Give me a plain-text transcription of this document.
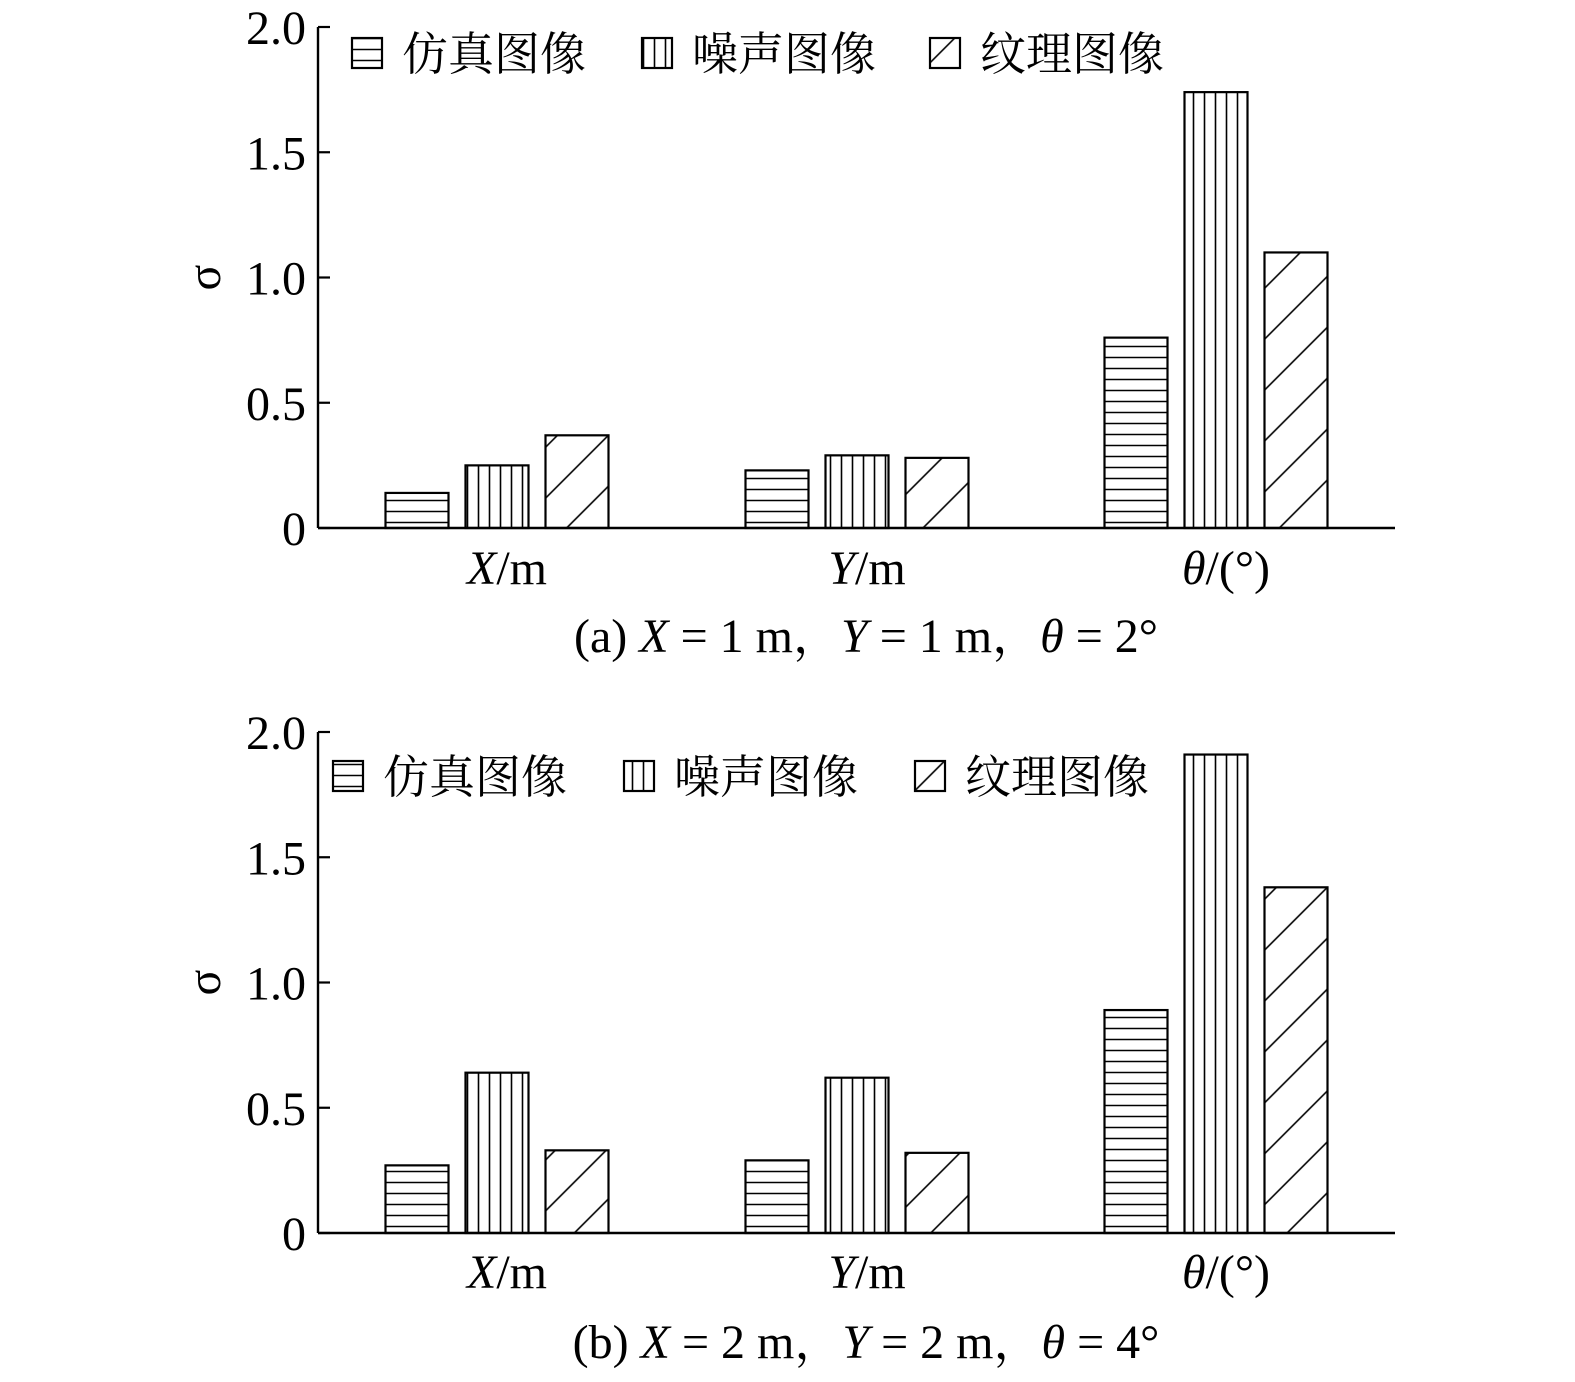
0
0.5
1.0
1.5
2.0
σ
X/m	Y/m	θ/(°)
仿真图像 噪声图像 纹理图像
(a) X = 1 m，Y = 1 m，θ = 2°
0
0.5
1.0
1.5
2.0
σ
X/m	Y/m	θ/(°)
仿真图像 噪声图像 纹理图像
(b) X = 2 m，Y = 2 m，θ = 4°
